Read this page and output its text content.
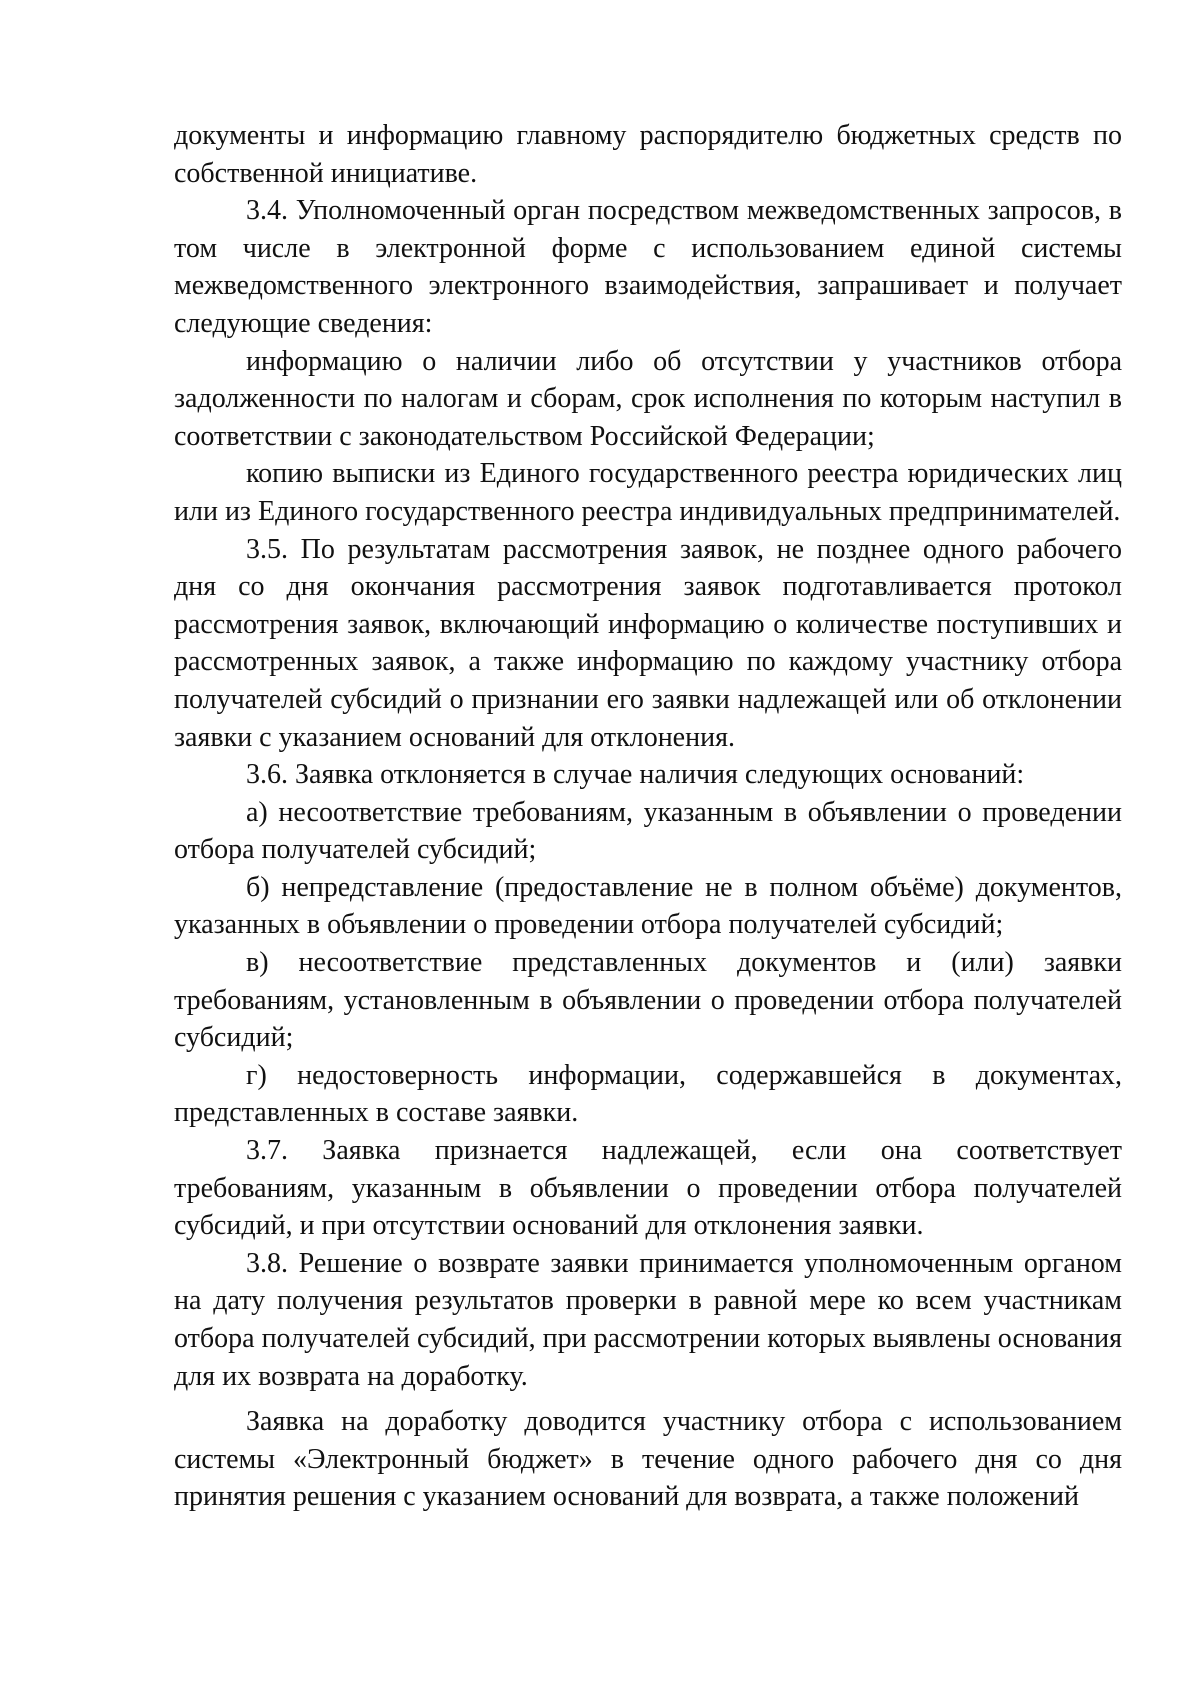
документы и информацию главному распорядителю бюджетных средств по собственной инициативе.

3.4. Уполномоченный орган посредством межведомственных запросов, в том числе в электронной форме с использованием единой системы межведомственного электронного взаимодействия, запрашивает и получает следующие сведения:

информацию о наличии либо об отсутствии у участников отбора задолженности по налогам и сборам, срок исполнения по которым наступил в соответствии с законодательством Российской Федерации;

копию выписки из Единого государственного реестра юридических лиц или из Единого государственного реестра индивидуальных предпринимателей.

3.5. По результатам рассмотрения заявок, не позднее одного рабочего дня со дня окончания рассмотрения заявок подготавливается протокол рассмотрения заявок, включающий информацию о количестве поступивших и рассмотренных заявок, а также информацию по каждому участнику отбора получателей субсидий о признании его заявки надлежащей или об отклонении заявки с указанием оснований для отклонения.

3.6. Заявка отклоняется в случае наличия следующих оснований:

а) несоответствие требованиям, указанным в объявлении о проведении отбора получателей субсидий;

б) непредставление (предоставление не в полном объёме) документов, указанных в объявлении о проведении отбора получателей субсидий;

в) несоответствие представленных документов и (или) заявки требованиям, установленным в объявлении о проведении отбора получателей субсидий;

г) недостоверность информации, содержавшейся в документах, представленных в составе заявки.

3.7. Заявка признается надлежащей, если она соответствует требованиям, указанным в объявлении о проведении отбора получателей субсидий, и при отсутствии оснований для отклонения заявки.

3.8. Решение о возврате заявки принимается уполномоченным органом на дату получения результатов проверки в равной мере ко всем участникам отбора получателей субсидий, при рассмотрении которых выявлены основания для их возврата на доработку.

Заявка на доработку доводится участнику отбора с использованием системы «Электронный бюджет» в течение одного рабочего дня со дня принятия решения с указанием оснований для возврата, а также положений
